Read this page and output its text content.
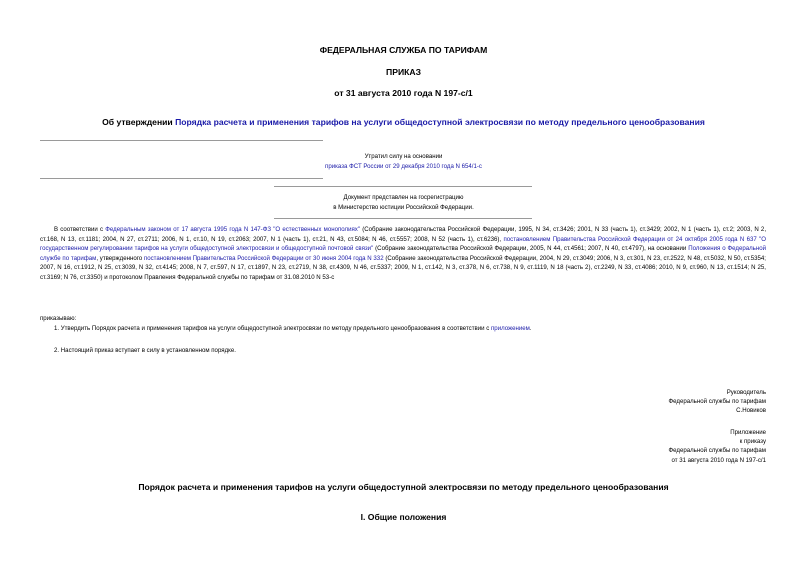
ФЕДЕРАЛЬНАЯ СЛУЖБА ПО ТАРИФАМ
ПРИКАЗ
от 31 августа 2010 года N 197-с/1
Об утверждении Порядка расчета и применения тарифов на услуги общедоступной электросвязи по методу предельного ценообразования
Утратил силу на основании
приказа ФСТ России от 29 декабря 2010 года N 654/1-с
Документ представлен на госрегистрацию
в Министерство юстиции Российской Федерации.
В соответствии с Федеральным законом от 17 августа 1995 года N 147-ФЗ "О естественных монополиях" (Собрание законодательства Российской Федерации, 1995, N 34, ст.3426; 2001, N 33 (часть 1), ст.3429; 2002, N 1 (часть 1), ст.2; 2003, N 2, ст.168, N 13, ст.1181; 2004, N 27, ст.2711; 2006, N 1, ст.10, N 19, ст.2063; 2007, N 1 (часть 1), ст.21, N 43, ст.5084; N 46, ст.5557; 2008, N 52 (часть 1), ст.6236), постановлением Правительства Российской Федерации от 24 октября 2005 года N 637 "О государственном регулировании тарифов на услуги общедоступной электросвязи и общедоступной почтовой связи" (Собрание законодательства Российской Федерации, 2005, N 44, ст.4561; 2007, N 40, ст.4797), на основании Положения о Федеральной службе по тарифам, утвержденного постановлением Правительства Российской Федерации от 30 июня 2004 года N 332 (Собрание законодательства Российской Федерации, 2004, N 29, ст.3049; 2006, N 3, ст.301, N 23, ст.2522, N 48, ст.5032, N 50, ст.5354; 2007, N 16, ст.1912, N 25, ст.3039, N 32, ст.4145; 2008, N 7, ст.597, N 17, ст.1897, N 23, ст.2719, N 38, ст.4309, N 46, ст.5337; 2009, N 1, ст.142, N 3, ст.378, N 6, ст.738, N 9, ст.1119, N 18 (часть 2), ст.2249, N 33, ст.4086; 2010, N 9, ст.960, N 13, ст.1514; N 25, ст.3169; N 76, ст.3350) и протоколом Правления Федеральной службы по тарифам от 31.08.2010 N 53-с
приказываю:
1. Утвердить Порядок расчета и применения тарифов на услуги общедоступной электросвязи по методу предельного ценообразования в соответствии с приложением.
2. Настоящий приказ вступает в силу в установленном порядке.
Руководитель
Федеральной службы по тарифам
С.Новиков
Приложение
к приказу
Федеральной службы по тарифам
от 31 августа 2010 года N 197-с/1
Порядок расчета и применения тарифов на услуги общедоступной электросвязи по методу предельного ценообразования
I. Общие положения
